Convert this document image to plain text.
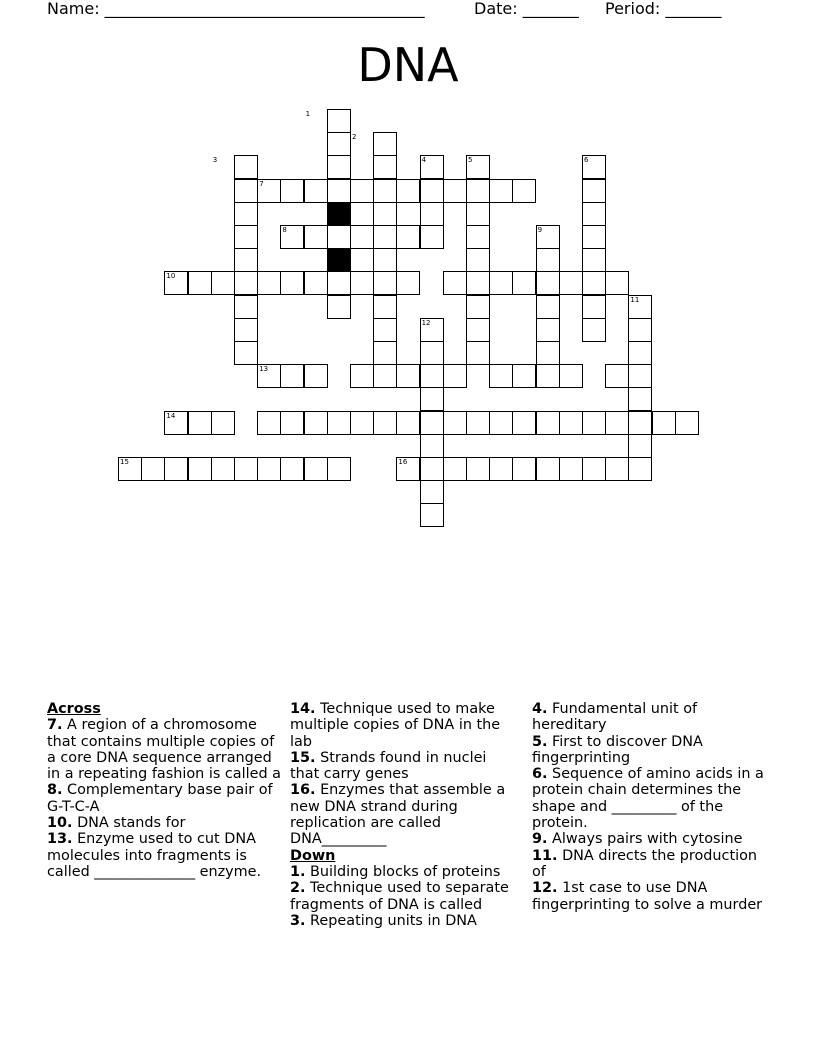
Name: ________________________________________	Date: _______ Period: _______
DNA
1
2
3	4	5	6
7
8	9
10
11
12
13
14
15	16
Across
7. A region of a chromosome that contains multiple copies of a core DNA sequence arranged in a repeating fashion is called a
8. Complementary base pair of G-T-C-A
10. DNA stands for
13. Enzyme used to cut DNA molecules into fragments is called ______________ enzyme.
14. Technique used to make multiple copies of DNA in the lab
15. Strands found in nuclei that carry genes
16. Enzymes that assemble a new DNA strand during replication are called DNA_________
Down
1. Building blocks of proteins
2. Technique used to separate fragments of DNA is called
3. Repeating units in DNA
4. Fundamental unit of hereditary
5. First to discover DNA fingerprinting
6. Sequence of amino acids in a protein chain determines the shape and _________ of the protein.
9. Always pairs with cytosine
11. DNA directs the production of
12. 1st case to use DNA fingerprinting to solve a murder
